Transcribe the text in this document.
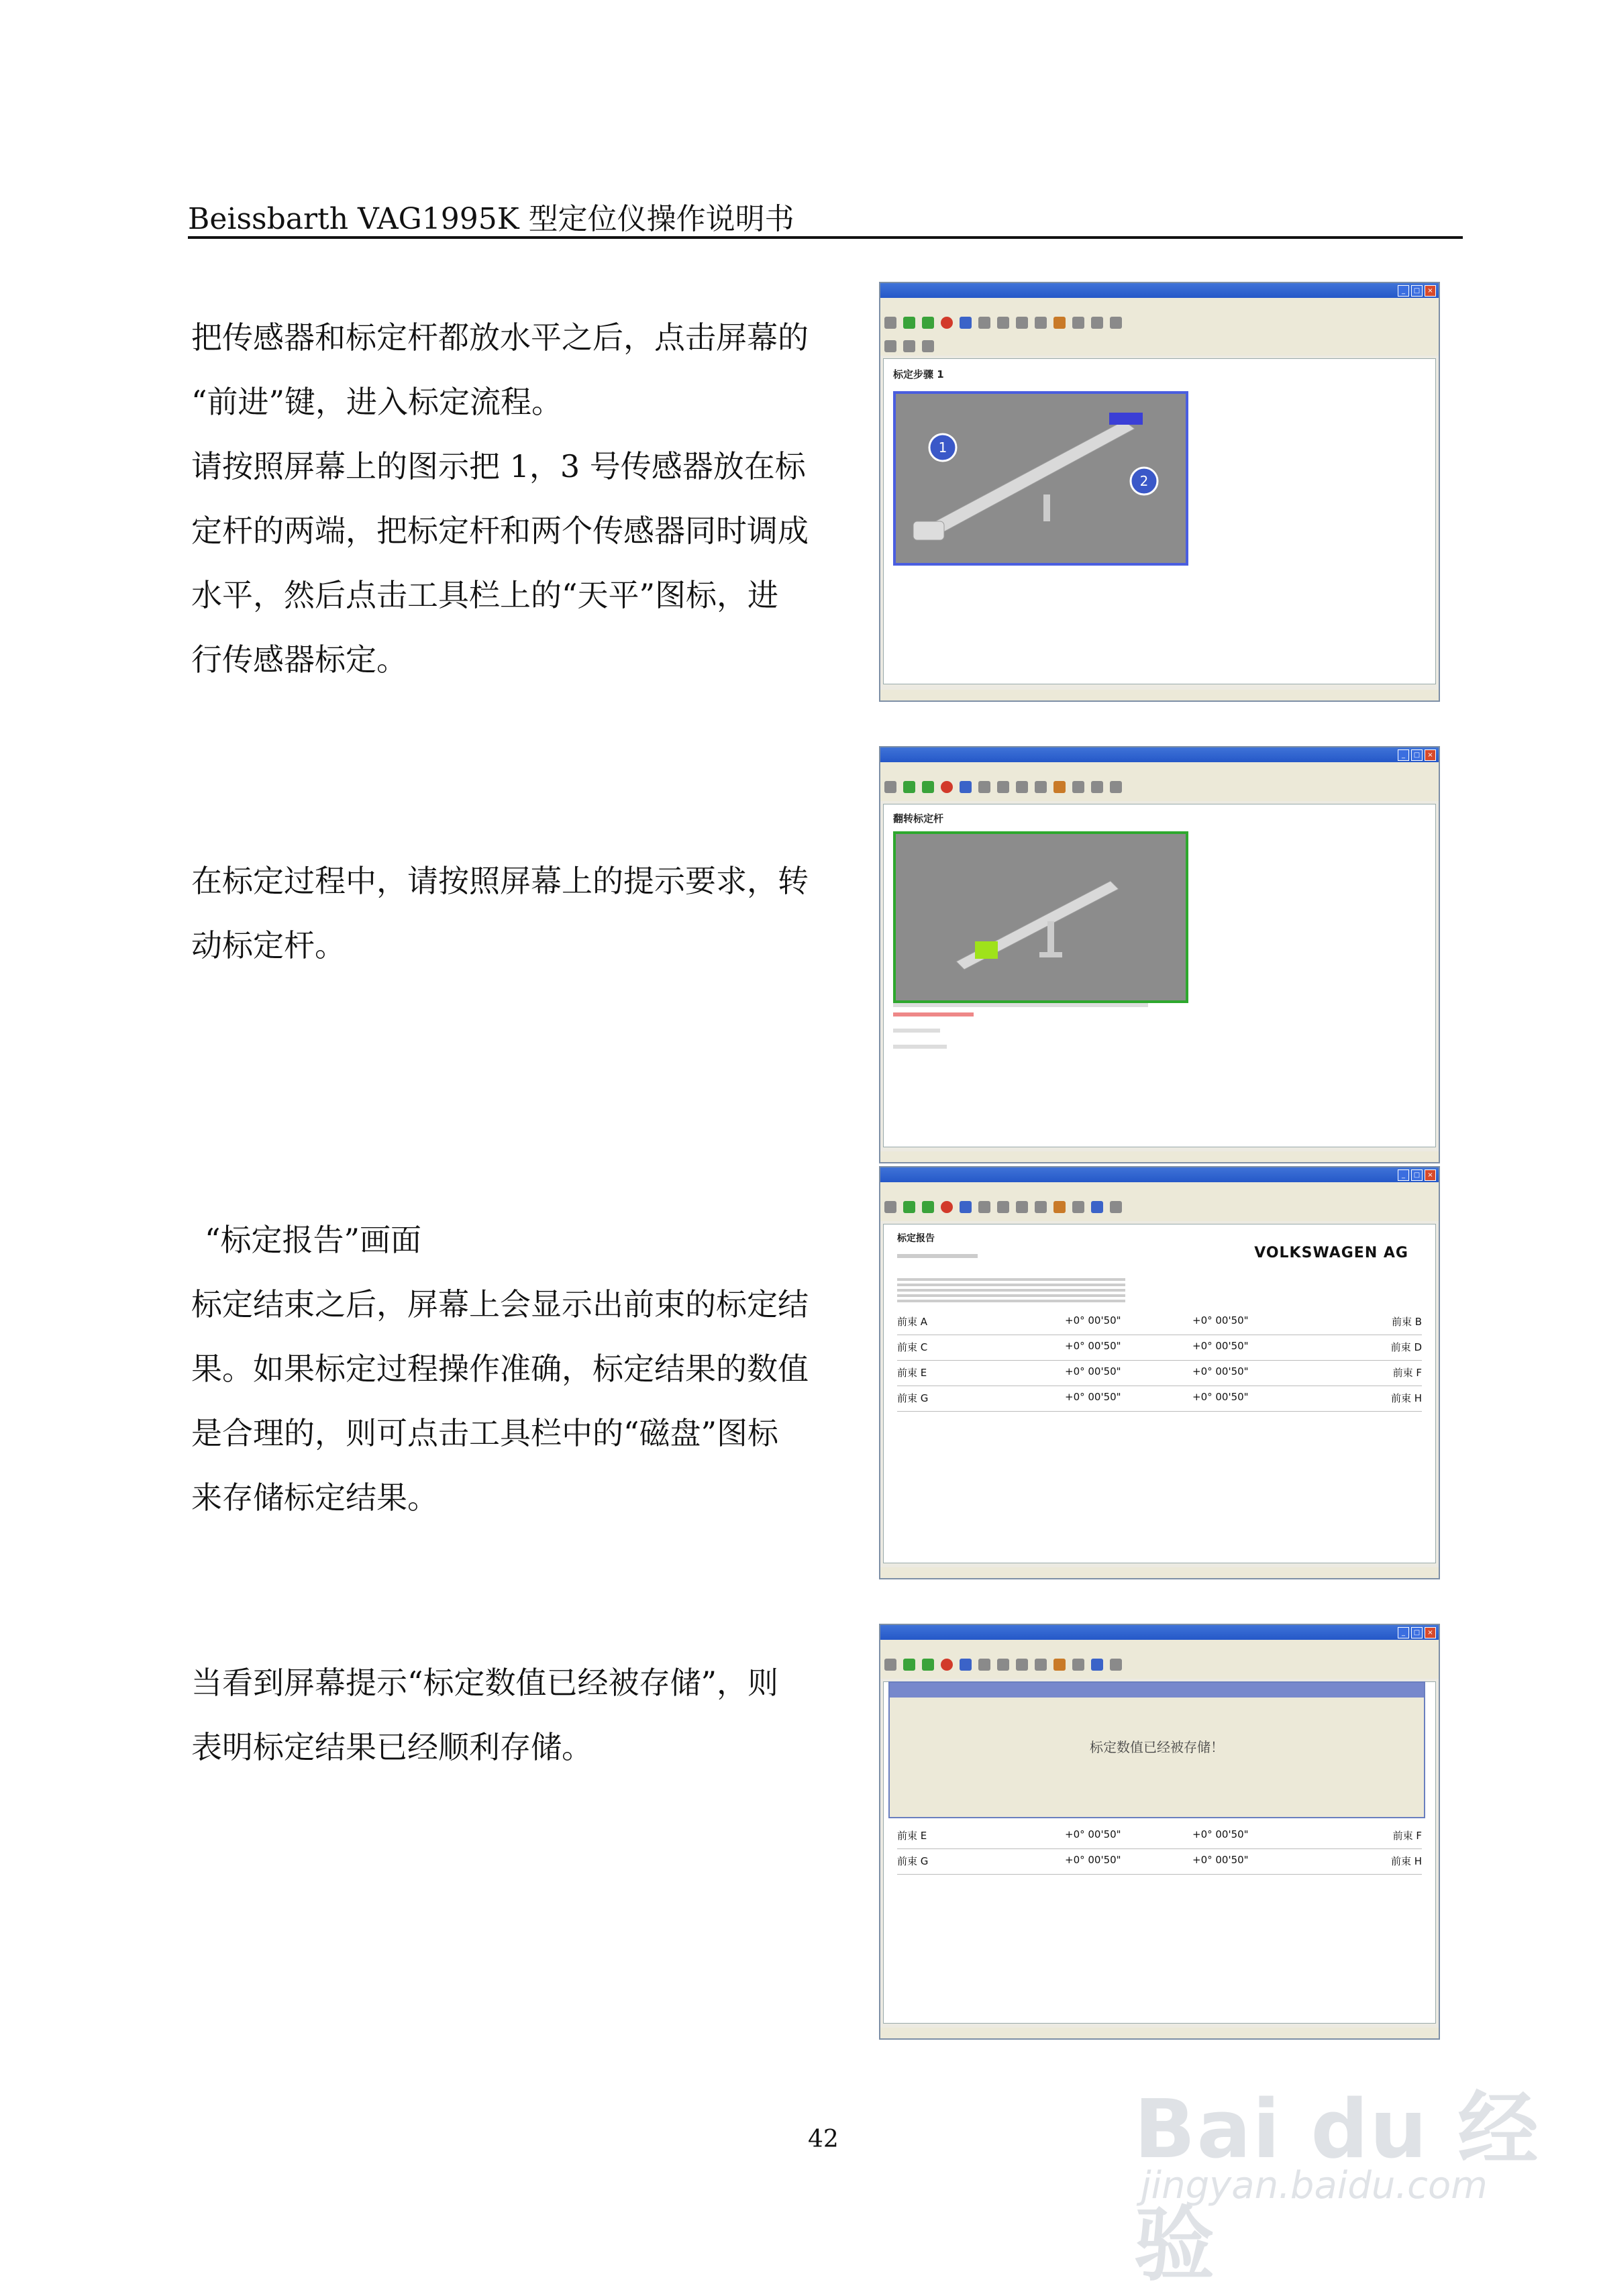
Beissbarth VAG1995K 型定位仪操作说明书
把传感器和标定杆都放水平之后，点击屏幕的
“前进”键，进入标定流程。
请按照屏幕上的图示把 1，3 号传感器放在标
定杆的两端，把标定杆和两个传感器同时调成
水平，然后点击工具栏上的“天平”图标，进
行传感器标定。
在标定过程中，请按照屏幕上的提示要求，转
动标定杆。
“标定报告”画面
标定结束之后，屏幕上会显示出前束的标定结
果。如果标定过程操作准确，标定结果的数值
是合理的，则可点击工具栏中的“磁盘”图标
来存储标定结果。
当看到屏幕提示“标定数值已经被存储”，则
表明标定结果已经顺利存储。
_	□	×
标定步骤 1
1
2
_	□	×
翻转标定杆
_	□	×
标定报告
VOLKSWAGEN AG
前束 A	+0° 00'50"	+0° 00'50"	前束 B
前束 C	+0° 00'50"	+0° 00'50"	前束 D
前束 E	+0° 00'50"	+0° 00'50"	前束 F
前束 G	+0° 00'50"	+0° 00'50"	前束 H
_	□	×
前束 E	+0° 00'50"	+0° 00'50"	前束 F
前束 G	+0° 00'50"	+0° 00'50"	前束 H
标定数值已经被存储！
42	Bai du 经验
jingyan.baidu.com
